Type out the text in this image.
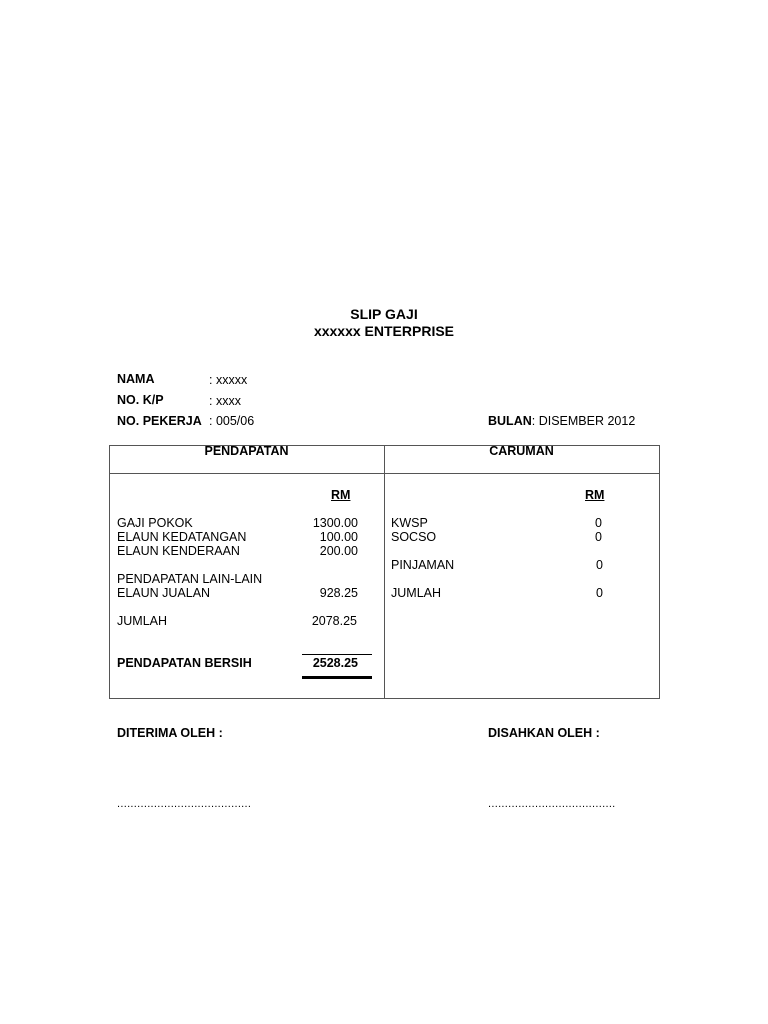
SLIP GAJI
xxxxxx ENTERPRISE
NAMA	: xxxxx
NO. K/P	: xxxx
NO. PEKERJA : 005/06	BULAN: DISEMBER 2012
PENDAPATAN	CARUMAN
RM
GAJI POKOK	1300.00
ELAUN KEDATANGAN	100.00
ELAUN KENDERAAN	200.00
PENDAPATAN LAIN-LAIN
ELAUN JUALAN	928.25
JUMLAH	2078.25
PENDAPATAN BERSIH	2528.25
RM
KWSP	0
SOCSO	0
PINJAMAN	0
JUMLAH	0
DITERIMA OLEH :	DISAHKAN OLEH :
........................................	......................................
